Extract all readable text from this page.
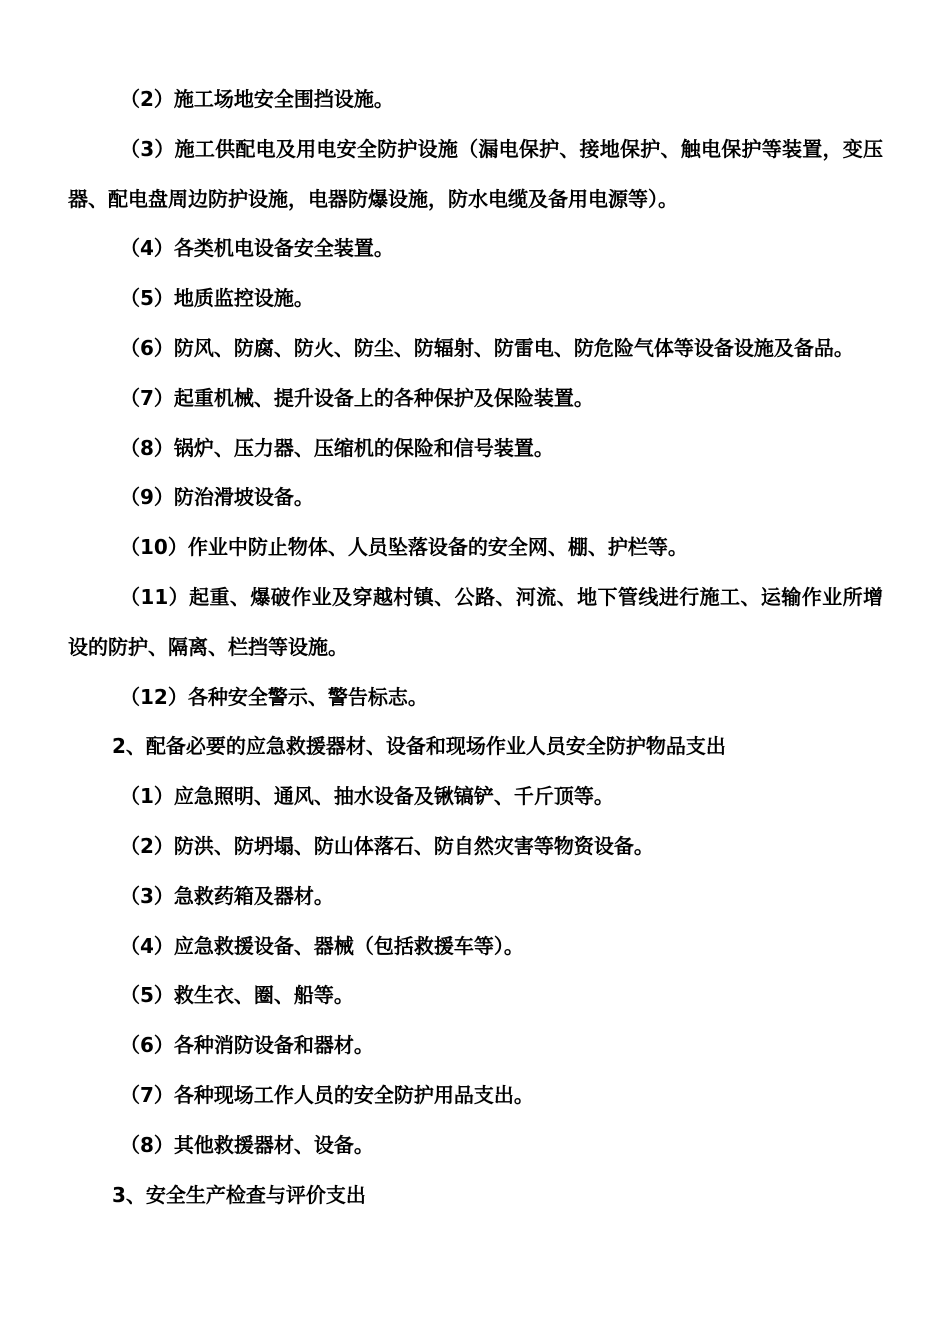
（2）施工场地安全围挡设施。

（3）施工供配电及用电安全防护设施（漏电保护、接地保护、触电保护等装置，变压器、配电盘周边防护设施，电器防爆设施，防水电缆及备用电源等）。

（4）各类机电设备安全装置。

（5）地质监控设施。

（6）防风、防腐、防火、防尘、防辐射、防雷电、防危险气体等设备设施及备品。

（7）起重机械、提升设备上的各种保护及保险装置。

（8）锅炉、压力器、压缩机的保险和信号装置。

（9）防治滑坡设备。

（10）作业中防止物体、人员坠落设备的安全网、棚、护栏等。

（11）起重、爆破作业及穿越村镇、公路、河流、地下管线进行施工、运输作业所增设的防护、隔离、栏挡等设施。

（12）各种安全警示、警告标志。

2、配备必要的应急救援器材、设备和现场作业人员安全防护物品支出

（1）应急照明、通风、抽水设备及锹镐铲、千斤顶等。

（2）防洪、防坍塌、防山体落石、防自然灾害等物资设备。

（3）急救药箱及器材。

（4）应急救援设备、器械（包括救援车等）。

（5）救生衣、圈、船等。

（6）各种消防设备和器材。

（7）各种现场工作人员的安全防护用品支出。

（8）其他救援器材、设备。

3、安全生产检查与评价支出
